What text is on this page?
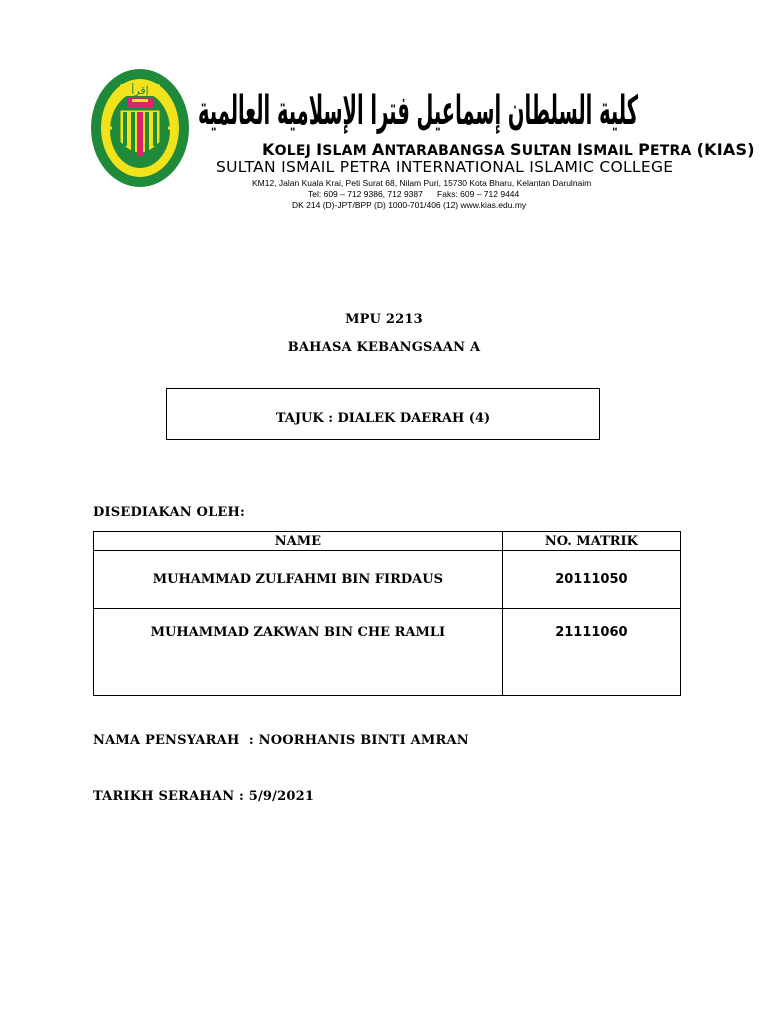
إقرأ كلية السلطان إسماعيل فترا الإسلامية العالمية
KOLEJ ISLAM ANTARABANGSA SULTAN ISMAIL PETRA (KIAS)
SULTAN ISMAIL PETRA INTERNATIONAL ISLAMIC COLLEGE
KM12, Jalan Kuala Krai, Peti Surat 68, Nilam Puri, 15730 Kota Bharu, Kelantan Darulnaim
Tel: 609 – 712 9386, 712 9387      Faks: 609 – 712 9444
DK 214 (D)-JPT/BPP (D) 1000-701/406 (12) www.kias.edu.my
MPU 2213
BAHASA KEBANGSAAN A
TAJUK : DIALEK DAERAH (4)
DISEDIAKAN OLEH:
NAME	NO. MATRIK
MUHAMMAD ZULFAHMI BIN FIRDAUS	20111050
MUHAMMAD ZAKWAN BIN CHE RAMLI	21111060
NAMA PENSYARAH  : NOORHANIS BINTI AMRAN
TARIKH SERAHAN : 5/9/2021
